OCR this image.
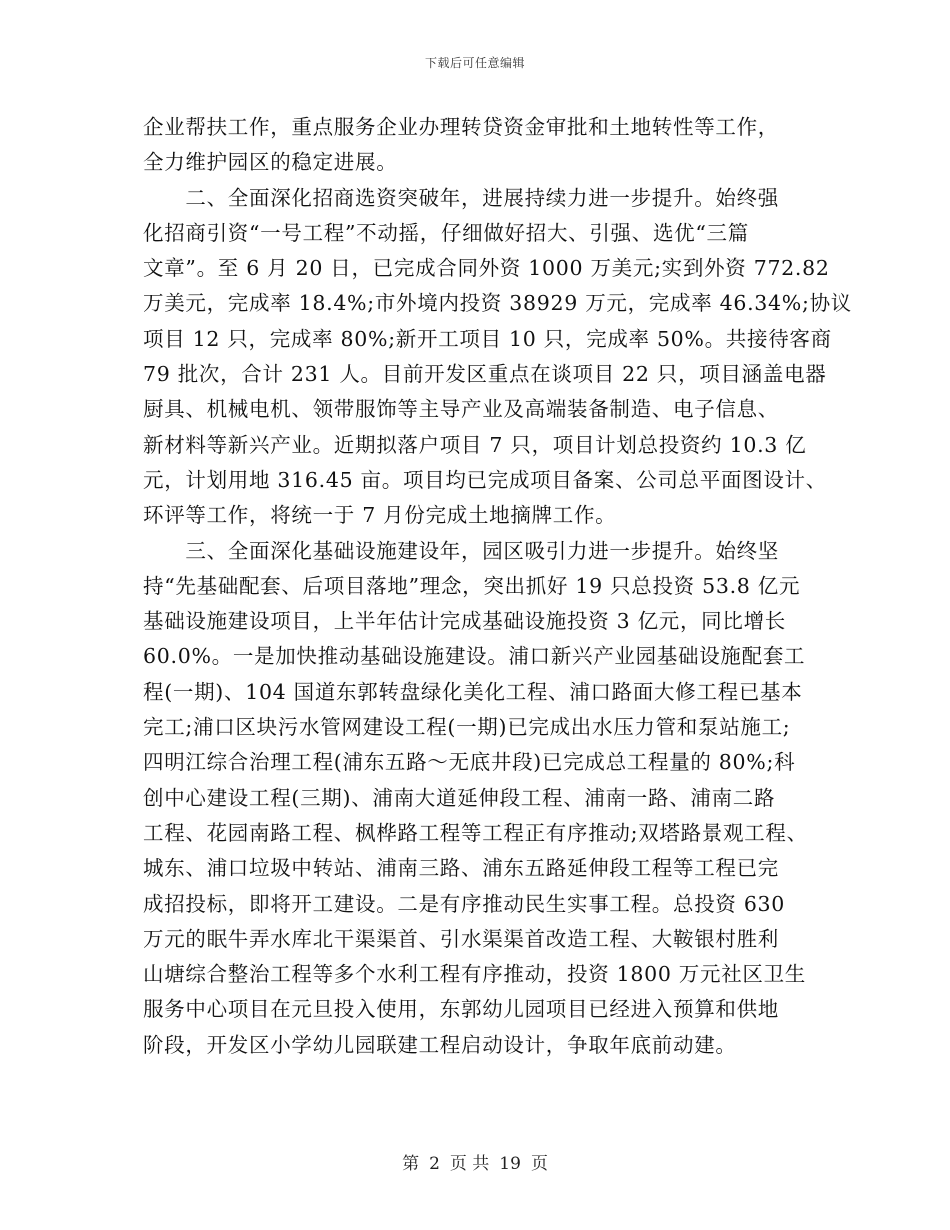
下载后可任意编辑
企业帮扶工作，重点服务企业办理转贷资金审批和土地转性等工作，
全力维护园区的稳定进展。
　　二、全面深化招商选资突破年，进展持续力进一步提升。始终强
化招商引资“一号工程”不动摇，仔细做好招大、引强、选优“三篇
文章”。至 6 月 20 日，已完成合同外资 1000 万美元;实到外资 772.82
万美元，完成率 18.4%;市外境内投资 38929 万元，完成率 46.34%;协议
项目 12 只，完成率 80%;新开工项目 10 只，完成率 50%。共接待客商
79 批次，合计 231 人。目前开发区重点在谈项目 22 只，项目涵盖电器
厨具、机械电机、领带服饰等主导产业及高端装备制造、电子信息、
新材料等新兴产业。近期拟落户项目 7 只，项目计划总投资约 10.3 亿
元，计划用地 316.45 亩。项目均已完成项目备案、公司总平面图设计、
环评等工作，将统一于 7 月份完成土地摘牌工作。
　　三、全面深化基础设施建设年，园区吸引力进一步提升。始终坚
持“先基础配套、后项目落地”理念，突出抓好 19 只总投资 53.8 亿元
基础设施建设项目，上半年估计完成基础设施投资 3 亿元，同比增长
60.0%。一是加快推动基础设施建设。浦口新兴产业园基础设施配套工
程(一期)、104 国道东郭转盘绿化美化工程、浦口路面大修工程已基本
完工;浦口区块污水管网建设工程(一期)已完成出水压力管和泵站施工;
四明江综合治理工程(浦东五路～无底井段)已完成总工程量的 80%;科
创中心建设工程(三期)、浦南大道延伸段工程、浦南一路、浦南二路
工程、花园南路工程、枫桦路工程等工程正有序推动;双塔路景观工程、
城东、浦口垃圾中转站、浦南三路、浦东五路延伸段工程等工程已完
成招投标，即将开工建设。二是有序推动民生实事工程。总投资 630
万元的眠牛弄水库北干渠渠首、引水渠渠首改造工程、大鞍银村胜利
山塘综合整治工程等多个水利工程有序推动，投资 1800 万元社区卫生
服务中心项目在元旦投入使用，东郭幼儿园项目已经进入预算和供地
阶段，开发区小学幼儿园联建工程启动设计，争取年底前动建。
第 2 页 共 19 页
